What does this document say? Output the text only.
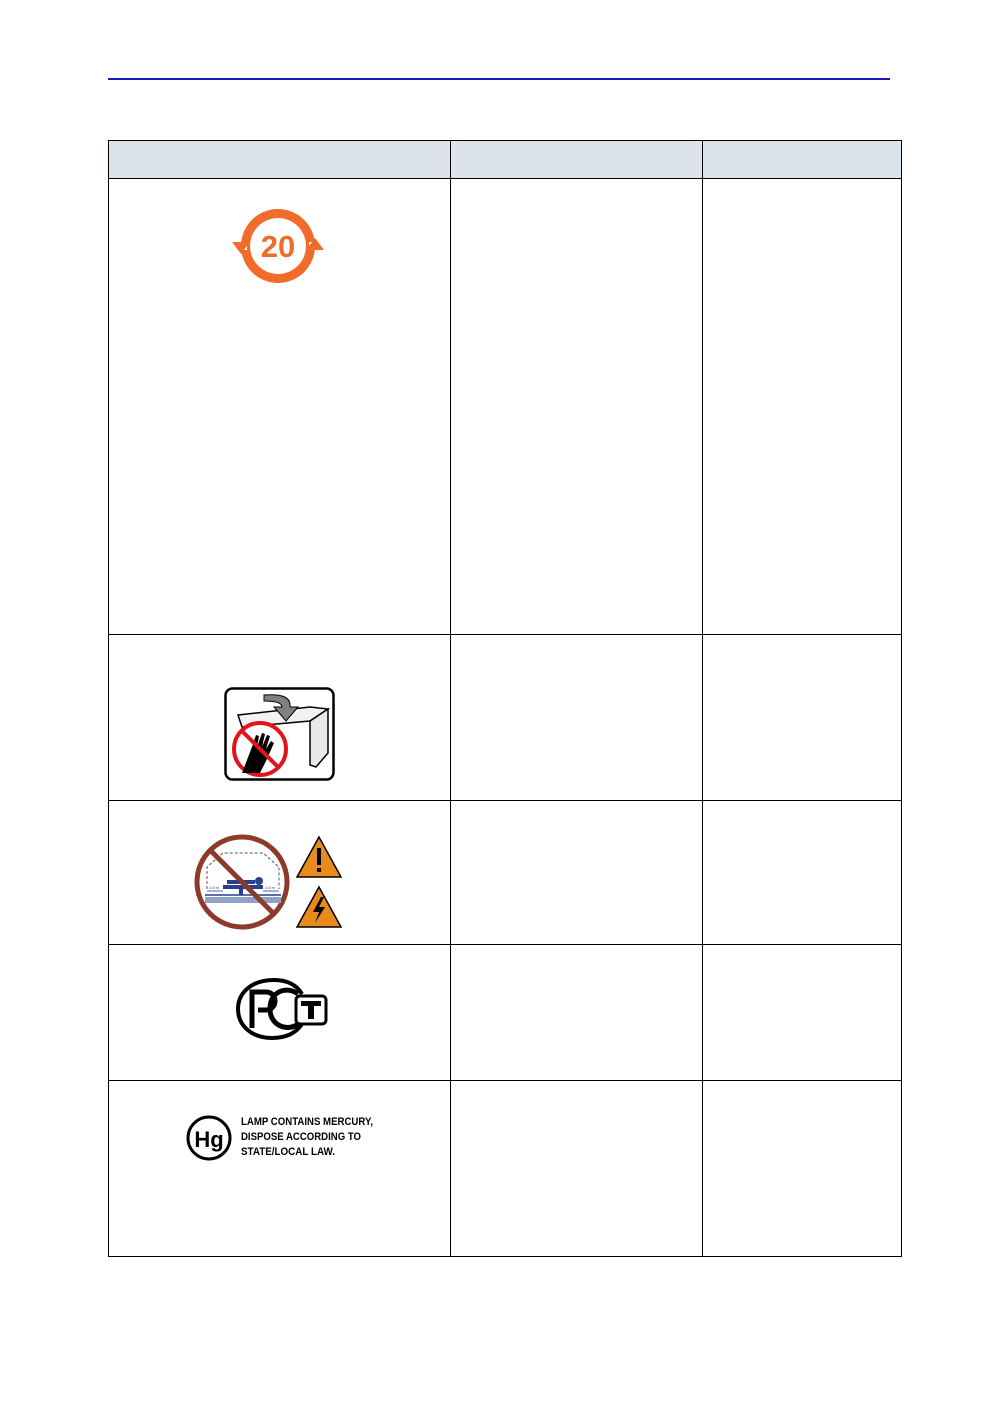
20		

1,5 m 1,5 m		

Hg
LAMP CONTAINS MERCURY,
DISPOSE ACCORDING TO
STATE/LOCAL LAW.		
